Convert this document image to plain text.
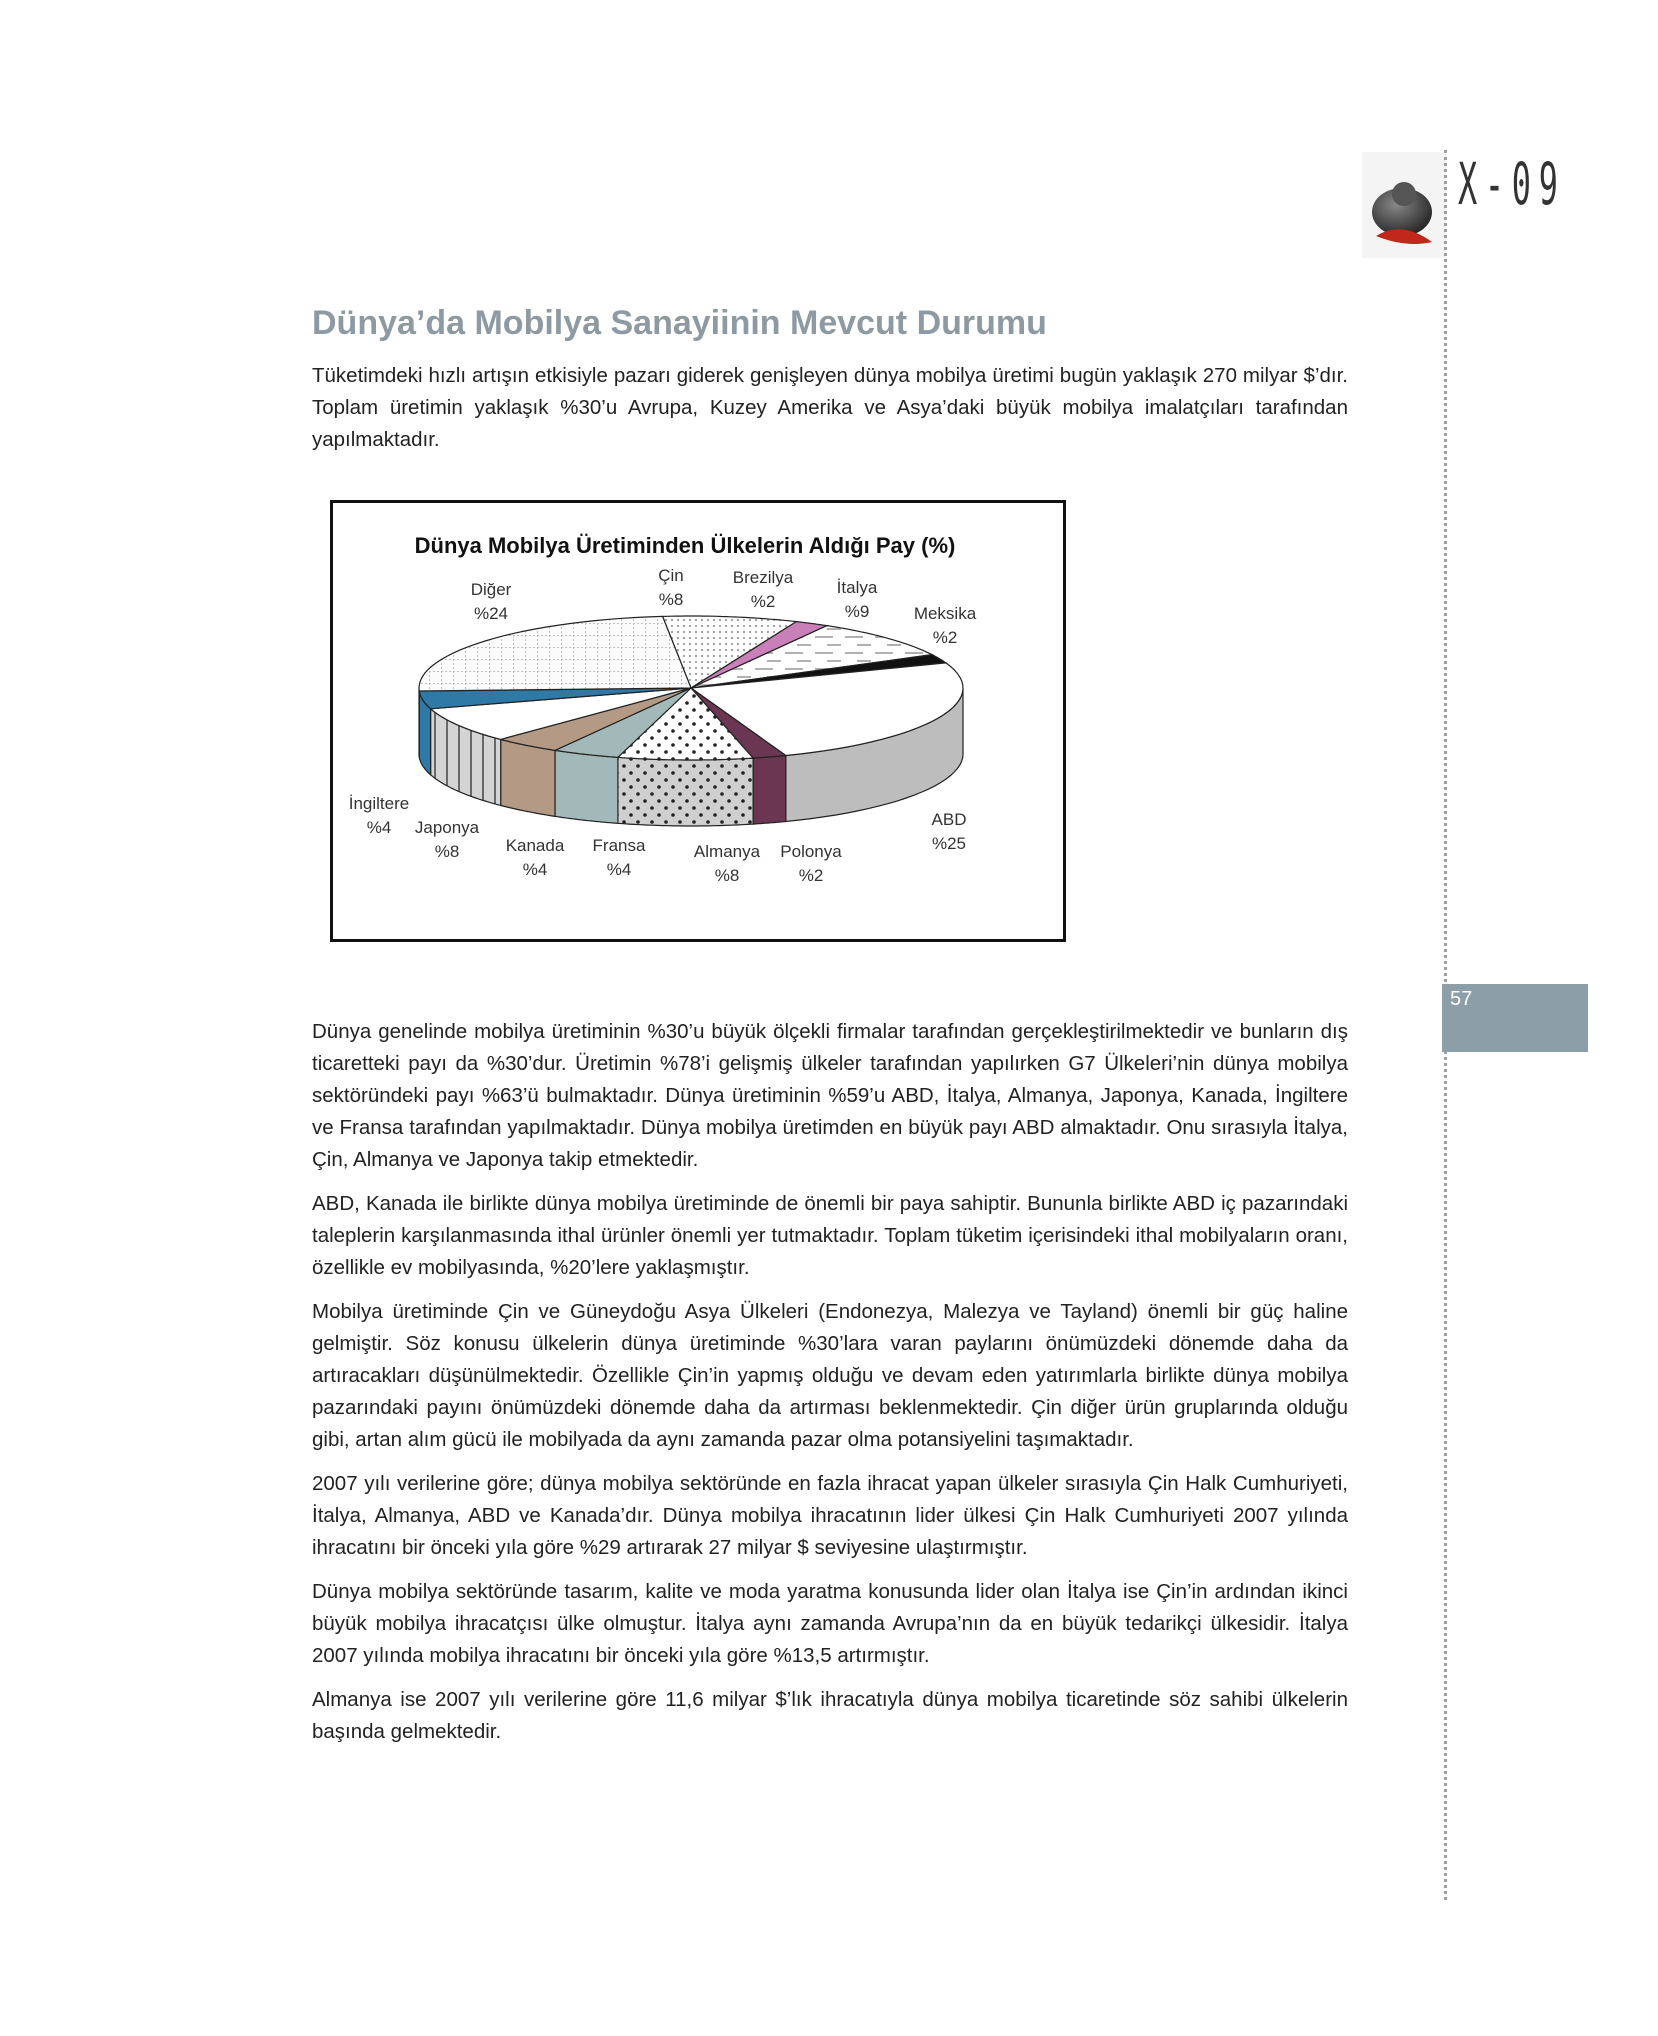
X-09
57
Dünya’da Mobilya Sanayiinin Mevcut Durumu
Tüketimdeki hızlı artışın etkisiyle pazarı giderek genişleyen dünya mobilya üretimi bugün yaklaşık 270 milyar $’dır. Toplam üretimin yaklaşık %30’u Avrupa, Kuzey Amerika ve Asya’daki büyük mobilya imalatçıları tarafından yapılmaktadır.
Çin
%8
Brezilya
%2
İtalya
%9	Meksika
%2
ABD
%25
Polonya
%2
Almanya
%8
Fransa
%4
Kanada
%4
Japonya
%8
İngiltere
%4
Diğer
%24
Dünya Mobilya Üretiminden Ülkelerin Aldığı Pay (%)

Dünya genelinde mobilya üretiminin %30’u büyük ölçekli firmalar tarafından gerçekleştirilmektedir ve bunların dış ticaretteki payı da %30’dur. Üretimin %78’i gelişmiş ülkeler tarafından yapılırken G7 Ülkeleri’nin dünya mobilya sektöründeki payı %63’ü bulmaktadır. Dünya üretiminin %59’u ABD, İtalya, Almanya, Japonya, Kanada, İngiltere ve Fransa tarafından yapılmaktadır. Dünya mobilya üretimden en büyük payı ABD almaktadır. Onu sırasıyla İtalya, Çin, Almanya ve Japonya takip etmektedir.

ABD, Kanada ile birlikte dünya mobilya üretiminde de önemli bir paya sahiptir. Bununla birlikte ABD iç pazarındaki taleplerin karşılanmasında ithal ürünler önemli yer tutmaktadır. Toplam tüketim içerisindeki ithal mobilyaların oranı, özellikle ev mobilyasında, %20’lere yaklaşmıştır.

Mobilya üretiminde Çin ve Güneydoğu Asya Ülkeleri (Endonezya, Malezya ve Tayland) önemli bir güç haline gelmiştir. Söz konusu ülkelerin dünya üretiminde %30’lara varan paylarını önümüzdeki dönemde daha da artıracakları düşünülmektedir. Özellikle Çin’in yapmış olduğu ve devam eden yatırımlarla birlikte dünya mobilya pazarındaki payını önümüzdeki dönemde daha da artırması beklenmektedir. Çin diğer ürün gruplarında olduğu gibi, artan alım gücü ile mobilyada da aynı zamanda pazar olma potansiyelini taşımaktadır.

2007 yılı verilerine göre; dünya mobilya sektöründe en fazla ihracat yapan ülkeler sırasıyla Çin Halk Cumhuriyeti, İtalya, Almanya, ABD ve Kanada’dır. Dünya mobilya ihracatının lider ülkesi Çin Halk Cumhuriyeti 2007 yılında ihracatını bir önceki yıla göre %29 artırarak 27 milyar $ seviyesine ulaştırmıştır.

Dünya mobilya sektöründe tasarım, kalite ve moda yaratma konusunda lider olan İtalya ise Çin’in ardından ikinci büyük mobilya ihracatçısı ülke olmuştur. İtalya aynı zamanda Avrupa’nın da en büyük tedarikçi ülkesidir. İtalya 2007 yılında mobilya ihracatını bir önceki yıla göre %13,5 artırmıştır.

Almanya ise 2007 yılı verilerine göre 11,6 milyar $’lık ihracatıyla dünya mobilya ticaretinde söz sahibi ülkelerin başında gelmektedir.
